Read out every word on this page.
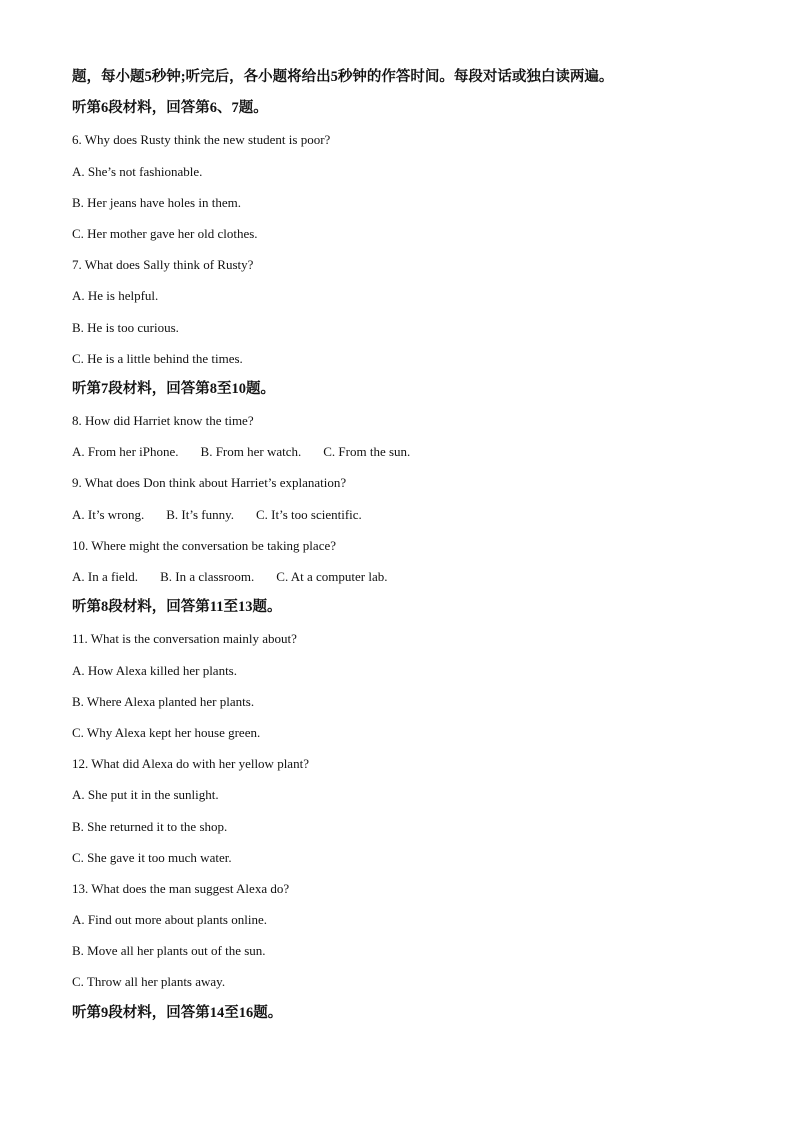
题，每小题5秒钟;听完后，各小题将给出5秒钟的作答时间。每段对话或独白读两遍。
听第6段材料，回答第6、7题。
6. Why does Rusty think the new student is poor?
A. She’s not fashionable.
B. Her jeans have holes in them.
C. Her mother gave her old clothes.
7. What does Sally think of Rusty?
A. He is helpful.
B. He is too curious.
C. He is a little behind the times.
听第7段材料，回答第8至10题。
8. How did Harriet know the time?
A. From her iPhone. B. From her watch. C. From the sun.
9. What does Don think about Harriet’s explanation?
A. It’s wrong. B. It’s funny. C. It’s too scientific.
10. Where might the conversation be taking place?
A. In a field. B. In a classroom. C. At a computer lab.
听第8段材料，回答第11至13题。
11. What is the conversation mainly about?
A. How Alexa killed her plants.
B. Where Alexa planted her plants.
C. Why Alexa kept her house green.
12. What did Alexa do with her yellow plant?
A. She put it in the sunlight.
B. She returned it to the shop.
C. She gave it too much water.
13. What does the man suggest Alexa do?
A. Find out more about plants online.
B. Move all her plants out of the sun.
C. Throw all her plants away.
听第9段材料，回答第14至16题。
